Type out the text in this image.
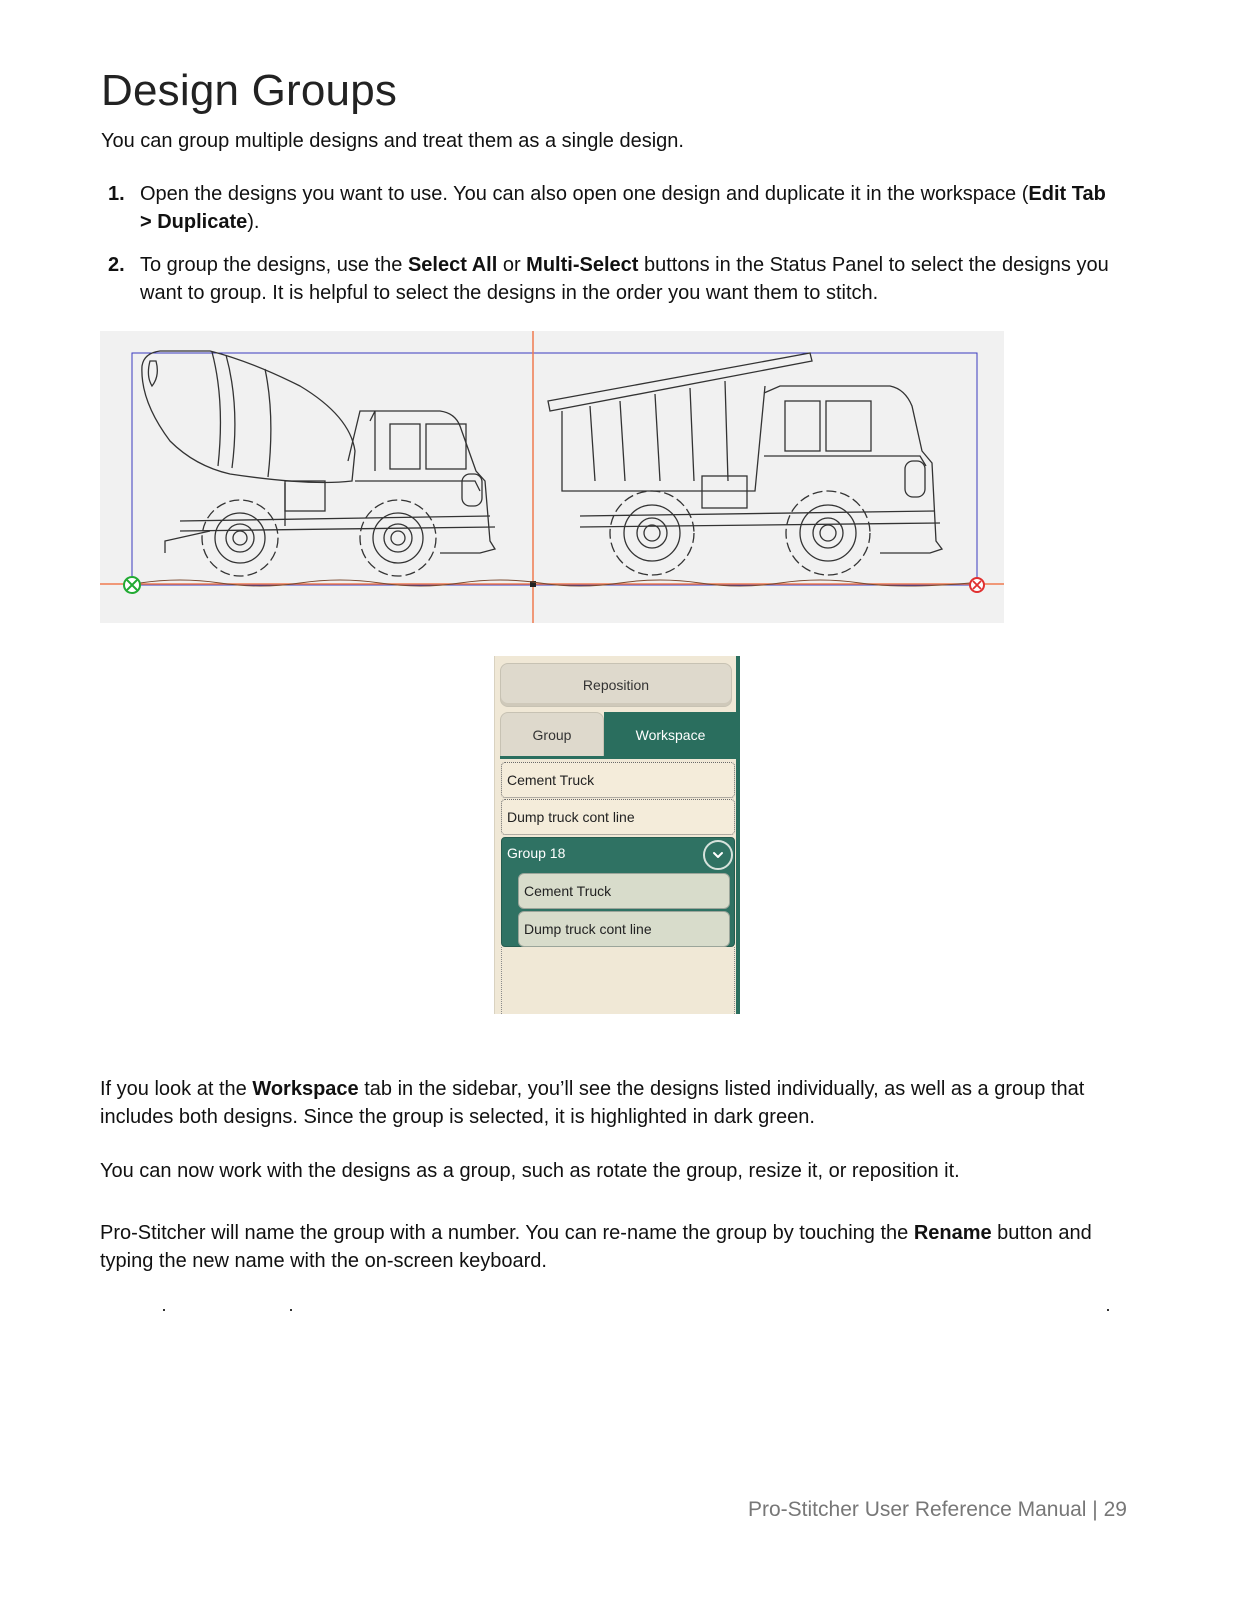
Design Groups

You can group multiple designs and treat them as a single design.

1. Open the designs you want to use. You can also open one design and duplicate it in the workspace (Edit Tab > Duplicate).
2. To group the designs, use the Select All or Multi-Select buttons in the Status Panel to select the designs you want to group. It is helpful to select the designs in the order you want them to stitch.
Reposition
Group	Workspace
Cement Truck
Dump truck cont line
Group 18
Cement Truck
Dump truck cont line

If you look at the Workspace tab in the sidebar, you’ll see the designs listed individually, as well as a group that includes both designs. Since the group is selected, it is highlighted in dark green.

You can now work with the designs as a group, such as rotate the group, resize it, or reposition it.

Pro-Stitcher will name the group with a number. You can re-name the group by touching the Rename button and typing the new name with the on-screen keyboard.

Pro-Stitcher User Reference Manual | 29
